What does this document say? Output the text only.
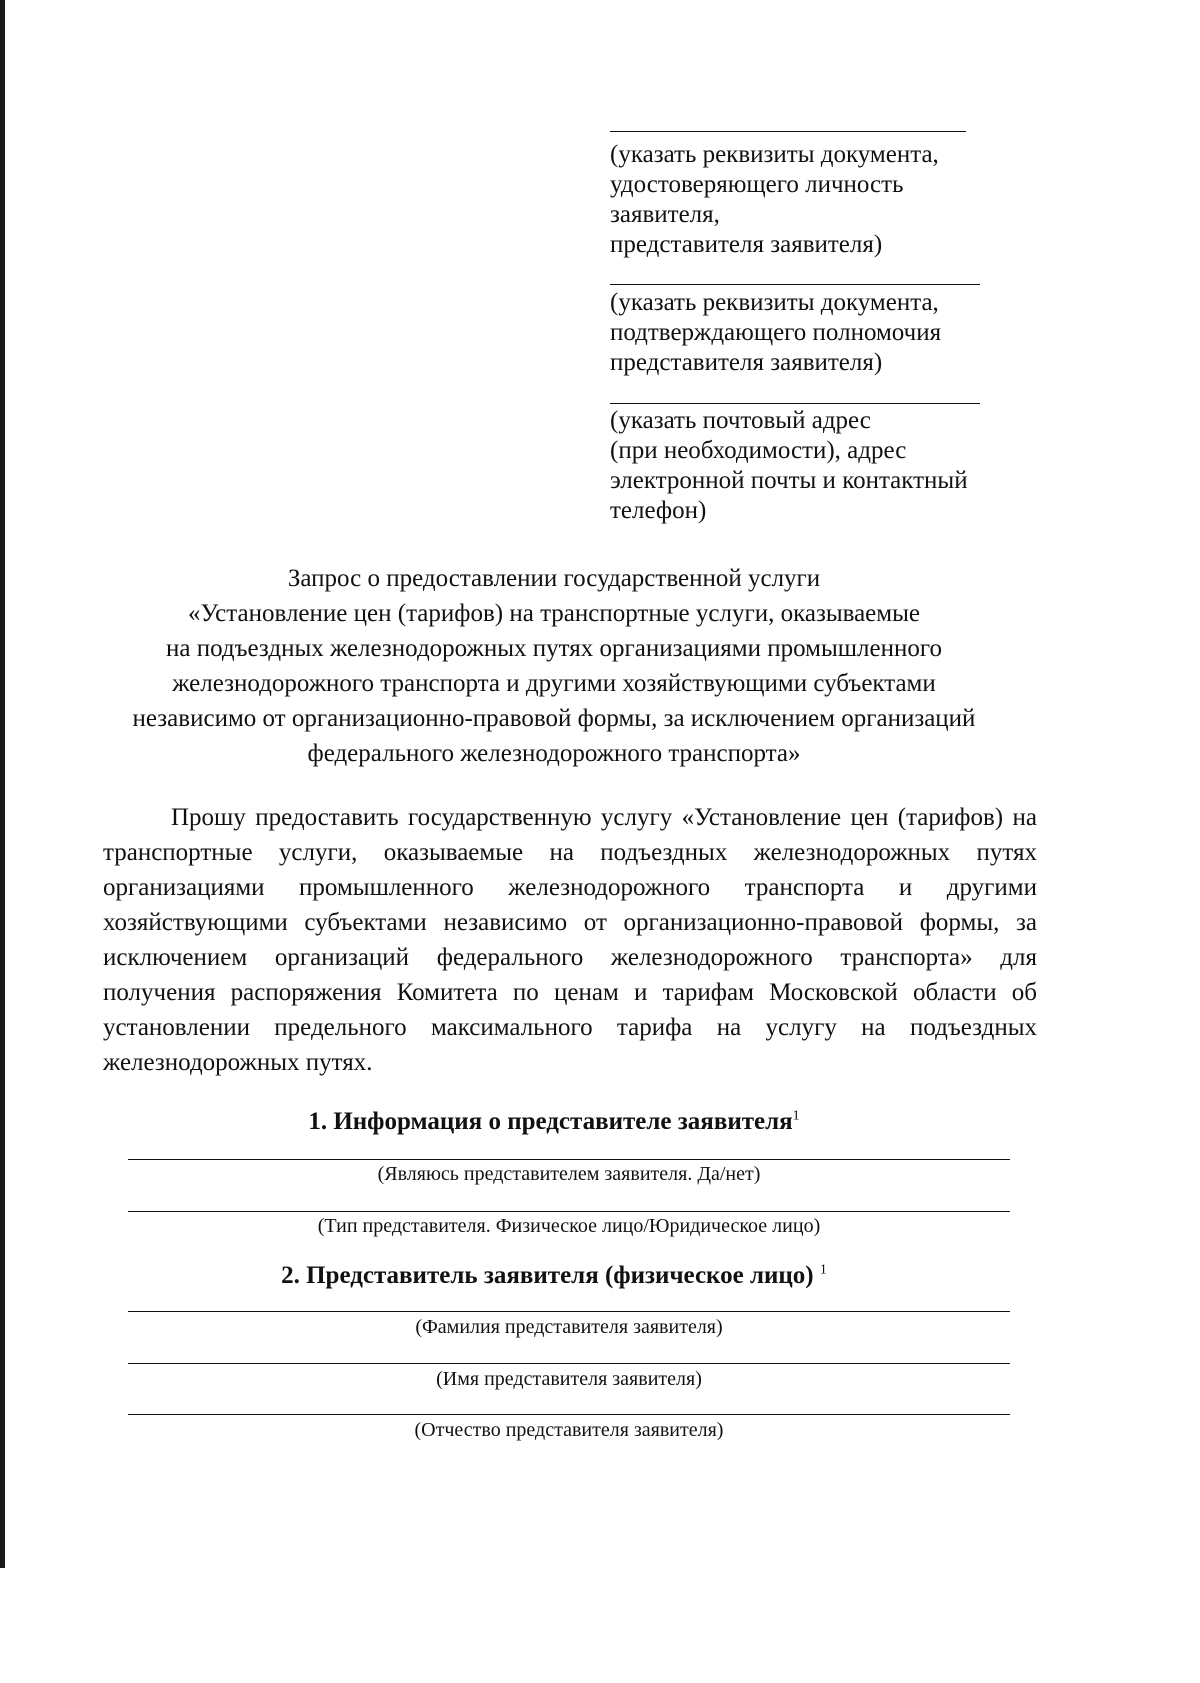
(указать реквизиты документа,
удостоверяющего личность
заявителя,
представителя заявителя)
(указать реквизиты документа,
подтверждающего полномочия
представителя заявителя)
(указать почтовый адрес
(при необходимости), адрес
электронной почты и контактный
телефон)
Запрос о предоставлении государственной услуги
«Установление цен (тарифов) на транспортные услуги, оказываемые
на подъездных железнодорожных путях организациями промышленного
железнодорожного транспорта и другими хозяйствующими субъектами
независимо от организационно-правовой формы, за исключением организаций
федерального железнодорожного транспорта»
Прошу предоставить государственную услугу «Установление цен (тарифов) на транспортные услуги, оказываемые на подъездных железнодорожных путях организациями промышленного железнодорожного транспорта и другими хозяйствующими субъектами независимо от организационно-правовой формы, за исключением организаций федерального железнодорожного транспорта» для получения распоряжения Комитета по ценам и тарифам Московской области об установлении предельного максимального тарифа на услугу на подъездных железнодорожных путях.
1. Информация о представителе заявителя$^1$
(Являюсь представителем заявителя. Да/нет)
(Тип представителя. Физическое лицо/Юридическое лицо)
2. Представитель заявителя (физическое лицо) $^1$
(Фамилия представителя заявителя)
(Имя представителя заявителя)
(Отчество представителя заявителя)
